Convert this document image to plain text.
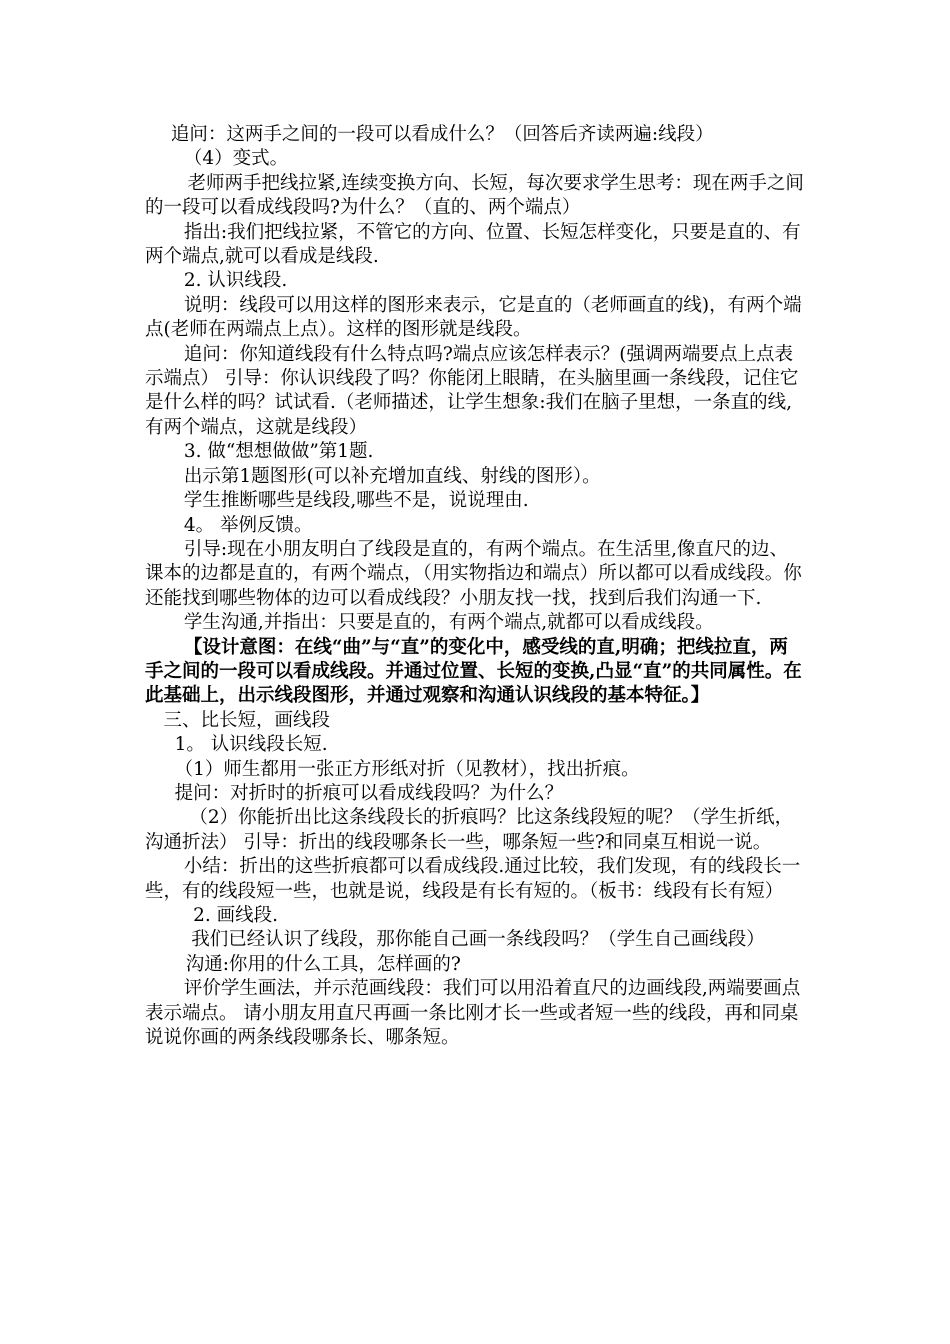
追问：这两手之间的一段可以看成什么？（回答后齐读两遍:线段）

（4）变式。

老师两手把线拉紧,连续变换方向、长短，每次要求学生思考：现在两手之间的一段可以看成线段吗?为什么？（直的、两个端点）

指出:我们把线拉紧，不管它的方向、位置、长短怎样变化，只要是直的、有两个端点,就可以看成是线段.

2. 认识线段.

说明：线段可以用这样的图形来表示，它是直的（老师画直的线)，有两个端点(老师在两端点上点）。这样的图形就是线段。

追问：你知道线段有什么特点吗?端点应该怎样表示？(强调两端要点上点表示端点） 引导：你认识线段了吗？你能闭上眼睛，在头脑里画一条线段，记住它是什么样的吗？试试看.（老师描述，让学生想象:我们在脑子里想，一条直的线,有两个端点，这就是线段）

3. 做“想想做做”第1题.

出示第1题图形(可以补充增加直线、射线的图形）。

学生推断哪些是线段,哪些不是，说说理由.

4。 举例反馈。

引导:现在小朋友明白了线段是直的，有两个端点。在生活里,像直尺的边、课本的边都是直的，有两个端点，（用实物指边和端点）所以都可以看成线段。你还能找到哪些物体的边可以看成线段？小朋友找一找，找到后我们沟通一下.

学生沟通,并指出：只要是直的，有两个端点,就都可以看成线段。

【设计意图：在线“曲”与“直”的变化中，感受线的直,明确；把线拉直，两手之间的一段可以看成线段。并通过位置、长短的变换,凸显“直”的共同属性。在此基础上，出示线段图形，并通过观察和沟通认识线段的基本特征。】

三、比长短，画线段

1。 认识线段长短.

（1）师生都用一张正方形纸对折（见教材），找出折痕。

提问：对折时的折痕可以看成线段吗？为什么？

（2）你能折出比这条线段长的折痕吗？比这条线段短的呢？（学生折纸，沟通折法） 引导：折出的线段哪条长一些，哪条短一些?和同桌互相说一说。

小结：折出的这些折痕都可以看成线段.通过比较，我们发现，有的线段长一些，有的线段短一些，也就是说，线段是有长有短的。（板书：线段有长有短）

2. 画线段.

我们已经认识了线段，那你能自己画一条线段吗？（学生自己画线段）

沟通:你用的什么工具，怎样画的?

评价学生画法，并示范画线段：我们可以用沿着直尺的边画线段,两端要画点表示端点。 请小朋友用直尺再画一条比刚才长一些或者短一些的线段，再和同桌说说你画的两条线段哪条长、哪条短。
